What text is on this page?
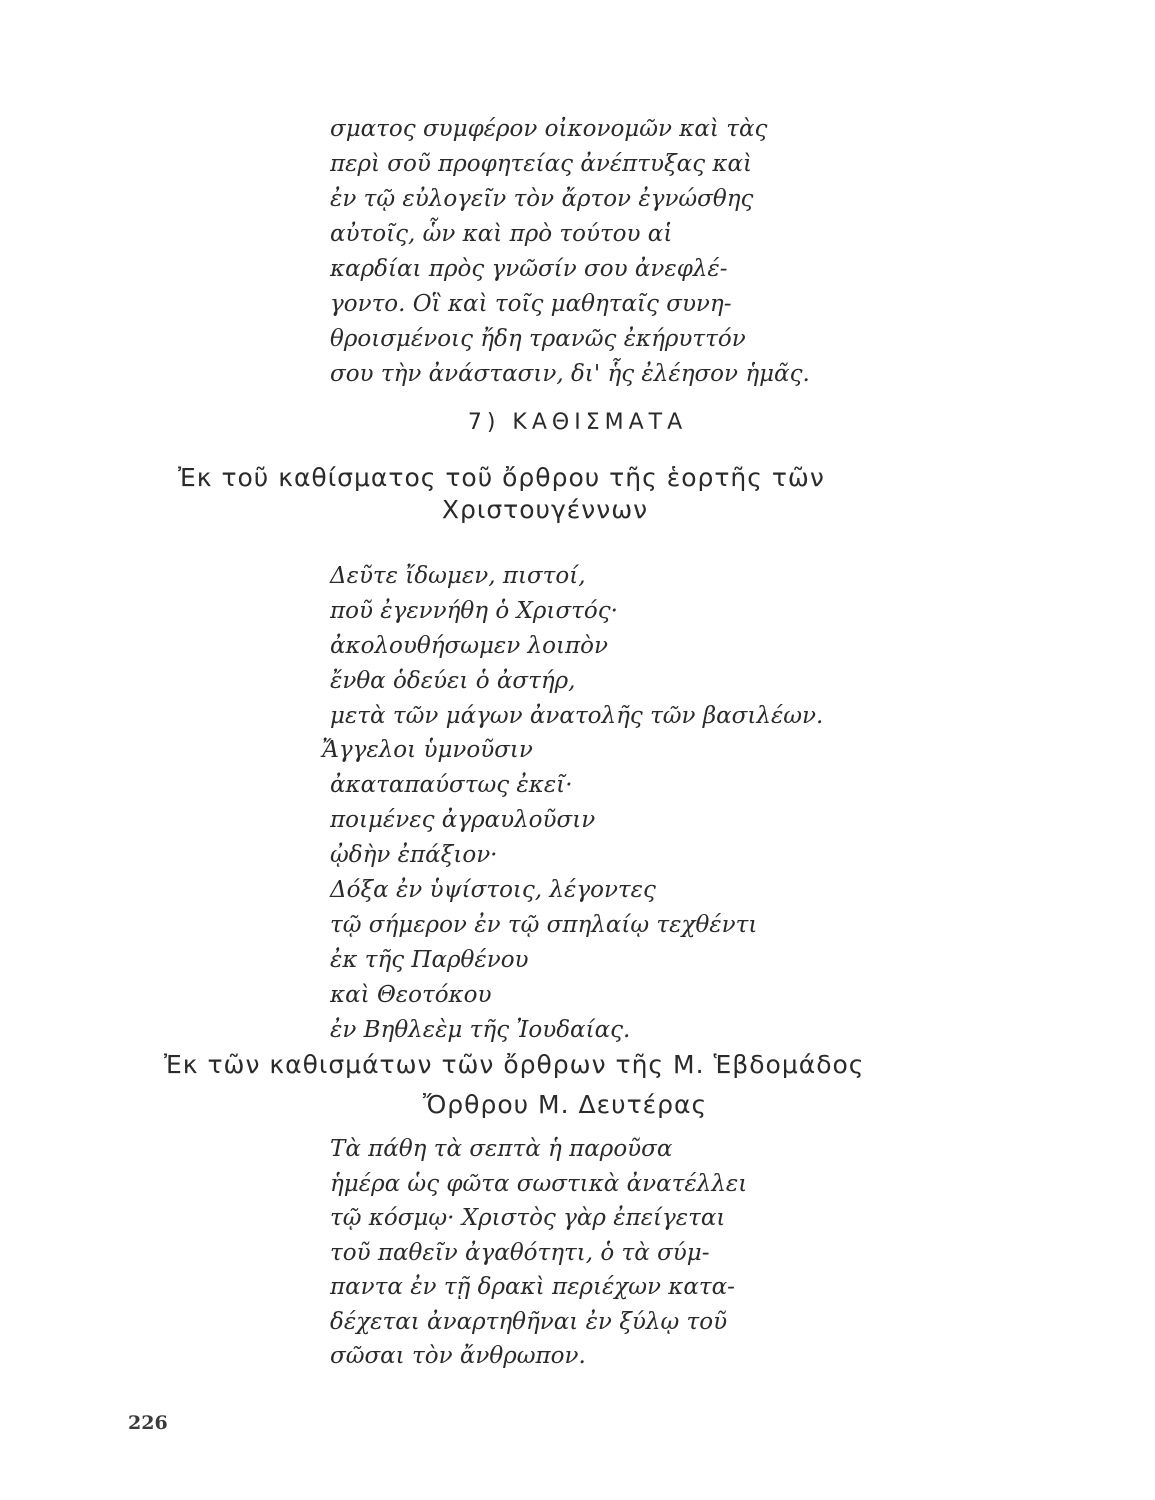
σματος συμφέρον οἰκονομῶν καὶ τὰς
περὶ σοῦ προφητείας ἀνέπτυξας καὶ
ἐν τῷ εὐλογεῖν τὸν ἄρτον ἐγνώσθης
αὐτοῖς, ὧν καὶ πρὸ τούτου αἱ
καρδίαι πρὸς γνῶσίν σου ἀνεφλέ-
γοντο. Οἳ καὶ τοῖς μαθηταῖς συνη-
θροισμένοις ἤδη τρανῶς ἐκήρυττόν
σου τὴν ἀνάστασιν, δι' ἧς ἐλέησον ἡμᾶς.
7) ΚΑΘΙΣΜΑΤΑ
Ἐκ τοῦ καθίσματος τοῦ ὄρθρου τῆς ἑορτῆς τῶν
Χριστουγέννων
Δεῦτε ἴδωμεν, πιστοί,
ποῦ ἐγεννήθη ὁ Χριστός·
ἀκολουθήσωμεν λοιπὸν
ἔνθα ὁδεύει ὁ ἀστήρ,
μετὰ τῶν μάγων ἀνατολῆς τῶν βασιλέων.
Ἄγγελοι ὑμνοῦσιν
ἀκαταπαύστως ἐκεῖ·
ποιμένες ἀγραυλοῦσιν
ᾠδὴν ἐπάξιον·
Δόξα ἐν ὑψίστοις, λέγοντες
τῷ σήμερον ἐν τῷ σπηλαίῳ τεχθέντι
ἐκ τῆς Παρθένου
καὶ Θεοτόκου
ἐν Βηθλεὲμ τῆς Ἰουδαίας.
Ἐκ τῶν καθισμάτων τῶν ὄρθρων τῆς Μ. Ἑβδομάδος
Ὄρθρου Μ. Δευτέρας
Τὰ πάθη τὰ σεπτὰ ἡ παροῦσα
ἡμέρα ὡς φῶτα σωστικὰ ἀνατέλλει
τῷ κόσμῳ· Χριστὸς γὰρ ἐπείγεται
τοῦ παθεῖν ἀγαθότητι, ὁ τὰ σύμ-
παντα ἐν τῇ δρακὶ περιέχων κατα-
δέχεται ἀναρτηθῆναι ἐν ξύλῳ τοῦ
σῶσαι τὸν ἄνθρωπον.
226
